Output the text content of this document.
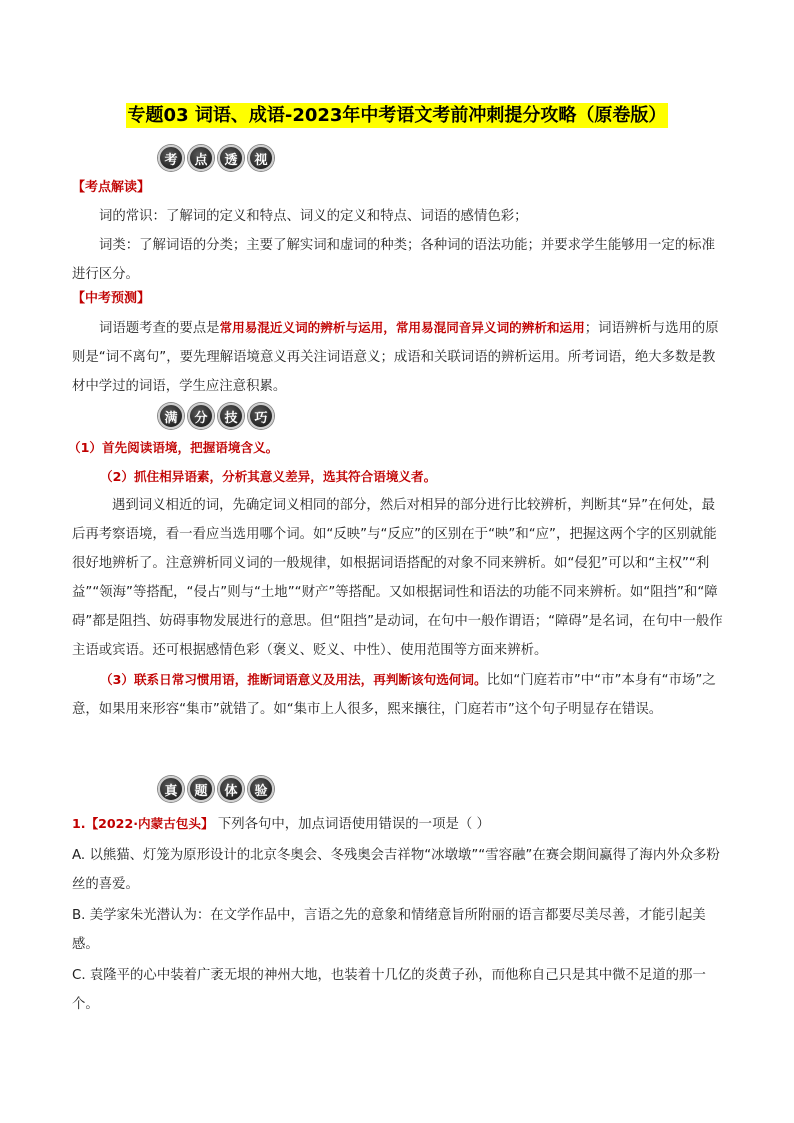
专题03 词语、成语-2023年中考语文考前冲刺提分攻略（原卷版）
考	点	透	视
【考点解读】
词的常识：了解词的定义和特点、词义的定义和特点、词语的感情色彩；
词类：了解词语的分类；主要了解实词和虚词的种类；各种词的语法功能；并要求学生能够用一定的标准进行区分。
【中考预测】
词语题考查的要点是常用易混近义词的辨析与运用，常用易混同音异义词的辨析和运用；词语辨析与选用的原则是“词不离句”，要先理解语境意义再关注词语意义；成语和关联词语的辨析运用。所考词语，绝大多数是教材中学过的词语，学生应注意积累。
满	分	技	巧
（1）首先阅读语境，把握语境含义。
（2）抓住相异语素，分析其意义差异，选其符合语境义者。
遇到词义相近的词，先确定词义相同的部分，然后对相异的部分进行比较辨析，判断其“异”在何处，最后再考察语境，看一看应当选用哪个词。如“反映”与“反应”的区别在于“映”和“应”，把握这两个字的区别就能很好地辨析了。注意辨析同义词的一般规律，如根据词语搭配的对象不同来辨析。如“侵犯”可以和“主权”“利益”“领海”等搭配，“侵占”则与“土地”“财产”等搭配。又如根据词性和语法的功能不同来辨析。如“阻挡”和“障碍”都是阻挡、妨碍事物发展进行的意思。但“阻挡”是动词，在句中一般作谓语；“障碍”是名词，在句中一般作主语或宾语。还可根据感情色彩（褒义、贬义、中性）、使用范围等方面来辨析。
（3）联系日常习惯用语，推断词语意义及用法，再判断该句选何词。比如“门庭若市”中“市”本身有“市场”之意，如果用来形容“集市”就错了。如“集市上人很多，熙来攘往，门庭若市”这个句子明显存在错误。
真	题	体	验
1.【2022·内蒙古包头】 下列各句中，加点词语使用错误的一项是（ ）
A. 以熊猫、灯笼为原形设计的北京冬奥会、冬残奥会吉祥物“冰墩墩”“雪容融”在赛会期间赢得了海内外众多粉丝的喜爱。
B. 美学家朱光潜认为：在文学作品中，言语之先的意象和情绪意旨所附丽的语言都要尽美尽善，才能引起美感。
C. 袁隆平的心中装着广袤无垠的神州大地，也装着十几亿的炎黄子孙，而他称自己只是其中微不足道的那一个。
